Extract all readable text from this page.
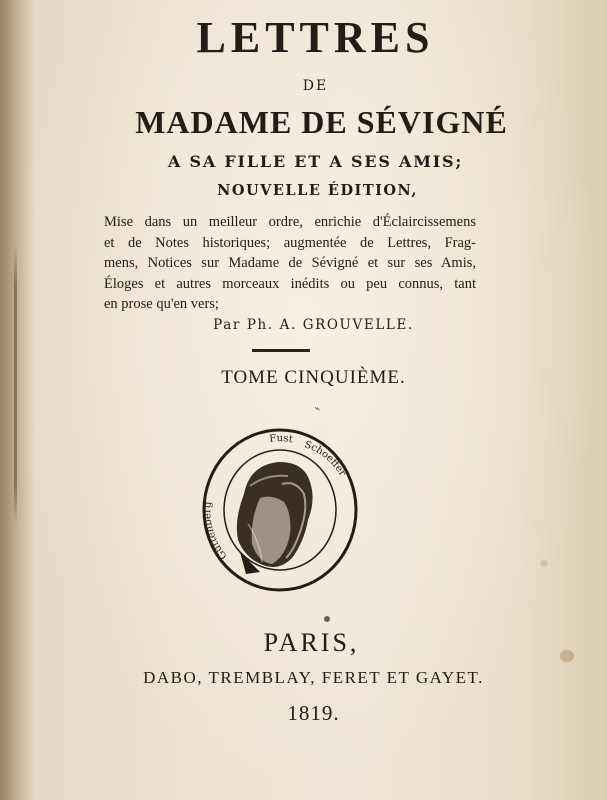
LETTRES
DE
MADAME DE SÉVIGNÉ
A SA FILLE ET A SES AMIS;
NOUVELLE ÉDITION,
Mise dans un meilleur ordre, enrichie d'Éclaircissemens
et de Notes historiques; augmentée de Lettres, Frag-
mens, Notices sur Madame de Sévigné et sur ses Amis,
Éloges et autres morceaux inédits ou peu connus, tant
en prose qu'en vers;
Par Ph. A. GROUVELLE.
TOME CINQUIÈME.
⌁
Fust
Guttenberg
Schoeffer
PARIS,
DABO, TREMBLAY, FERET ET GAYET.
1819.
